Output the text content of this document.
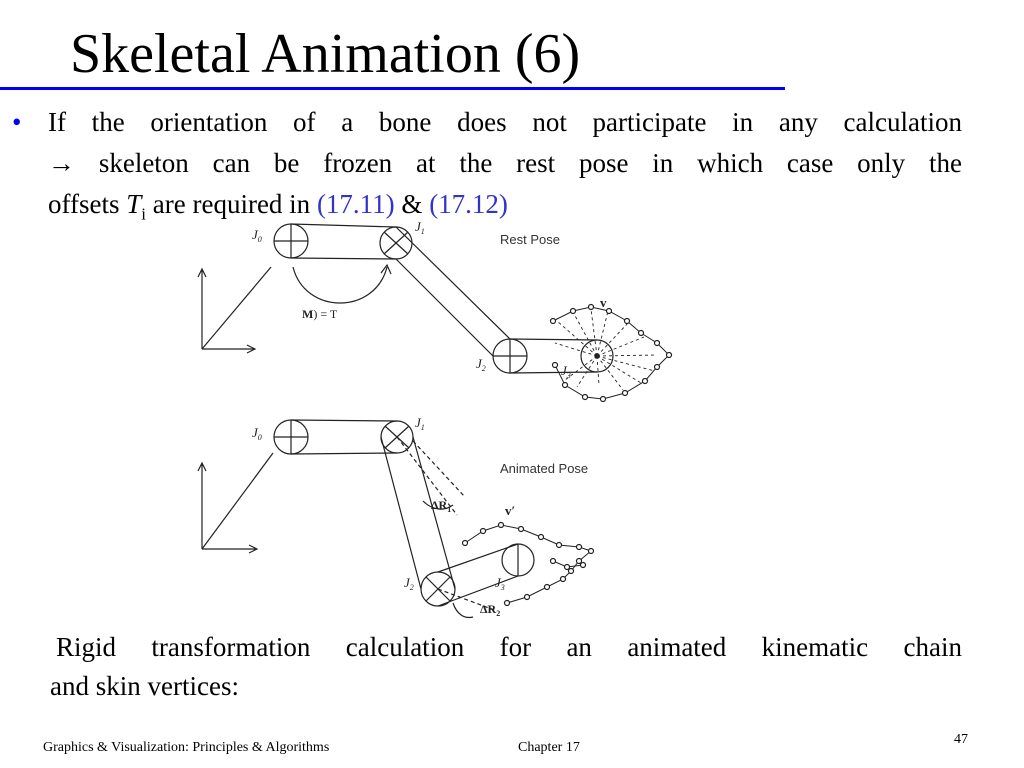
Skeletal Animation (6)
• If the orientation of a bone does not participate in any calculation
→ skeleton can be frozen at the rest pose in which case only the
offsets $T_i$ are required in (17.11) & (17.12)
$J_0$
$J_1$
$J_2$	$J_3$
v
M) = T
$J_0$
$J_1$
$J_2$	$J_3$
v′
$\Delta R_1$
$\Delta R_2$
Rest Pose
Animated Pose
Rigid transformation calculation for an animated kinematic chain
and skin vertices:
Graphics & Visualization: Principles & Algorithms	Chapter 17
47
